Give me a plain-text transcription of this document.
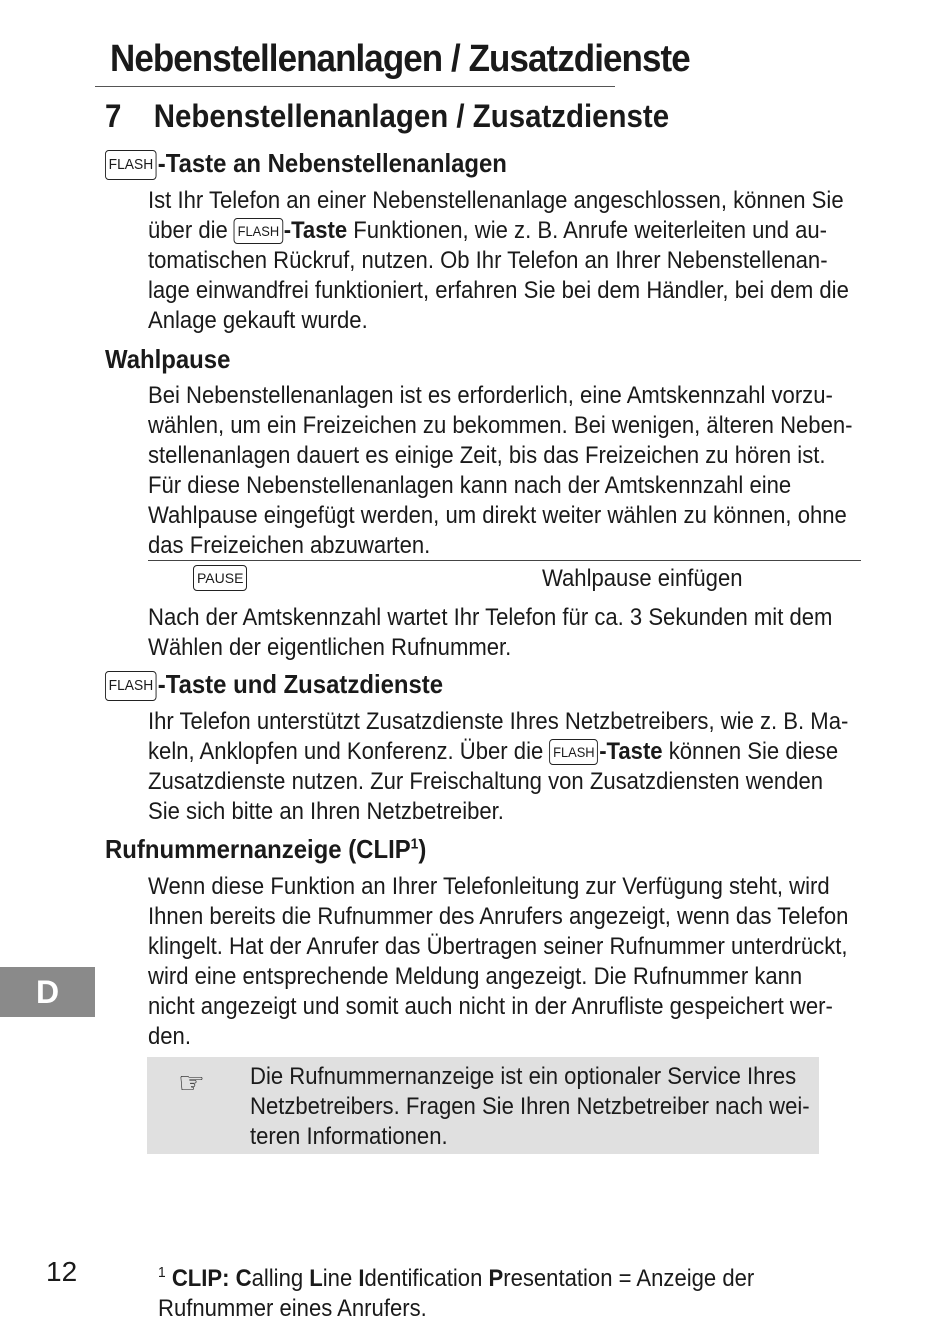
Nebenstellenanlagen / Zusatzdienste
7 Nebenstellenanlagen / Zusatzdienste
FLASH -Taste an Nebenstellenanlagen
Ist Ihr Telefon an einer Nebenstellenanlage angeschlossen, können Sie
über die FLASH -Taste Funktionen, wie z. B. Anrufe weiterleiten und au-
tomatischen Rückruf, nutzen. Ob Ihr Telefon an Ihrer Nebenstellenan-
lage einwandfrei funktioniert, erfahren Sie bei dem Händler, bei dem die
Anlage gekauft wurde.
Wahlpause
Bei Nebenstellenanlagen ist es erforderlich, eine Amtskennzahl vorzu-
wählen, um ein Freizeichen zu bekommen. Bei wenigen, älteren Neben-
stellenanlagen dauert es einige Zeit, bis das Freizeichen zu hören ist.
Für diese Nebenstellenanlagen kann nach der Amtskennzahl eine
Wahlpause eingefügt werden, um direkt weiter wählen zu können, ohne
das Freizeichen abzuwarten.
PAUSE	Wahlpause einfügen
Nach der Amtskennzahl wartet Ihr Telefon für ca. 3 Sekunden mit dem
Wählen der eigentlichen Rufnummer.
FLASH -Taste und Zusatzdienste
Ihr Telefon unterstützt Zusatzdienste Ihres Netzbetreibers, wie z. B. Ma-
keln, Anklopfen und Konferenz. Über die FLASH -Taste können Sie diese
Zusatzdienste nutzen. Zur Freischaltung von Zusatzdiensten wenden
Sie sich bitte an Ihren Netzbetreiber.
Rufnummernanzeige (CLIP$^1$)
Wenn diese Funktion an Ihrer Telefonleitung zur Verfügung steht, wird
Ihnen bereits die Rufnummer des Anrufers angezeigt, wenn das Telefon
klingelt. Hat der Anrufer das Übertragen seiner Rufnummer unterdrückt,
wird eine entsprechende Meldung angezeigt. Die Rufnummer kann
nicht angezeigt und somit auch nicht in der Anrufliste gespeichert wer-
den.
☞ Die Rufnummernanzeige ist ein optionaler Service Ihres
Netzbetreibers. Fragen Sie Ihren Netzbetreiber nach wei-
teren Informationen.
D
12	$^1$ CLIP: Calling Line Identification Presentation = Anzeige der
Rufnummer eines Anrufers.
